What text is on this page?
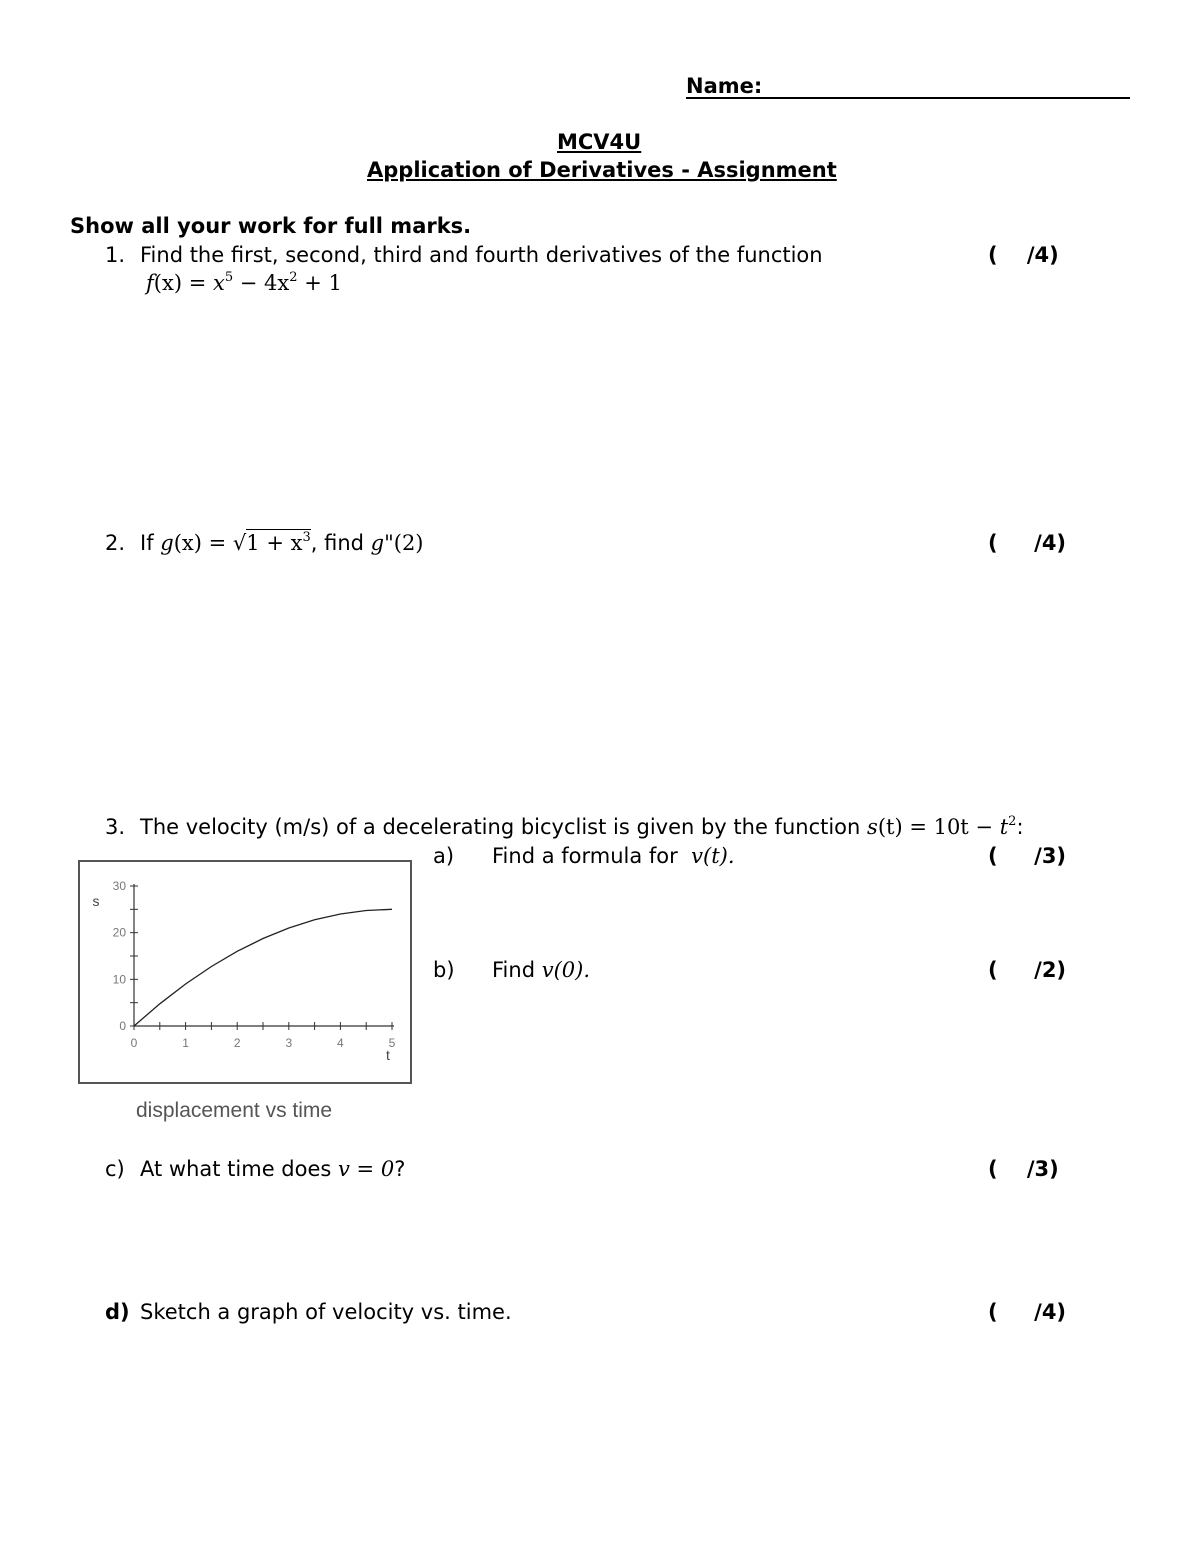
Name:
MCV4U
Application of Derivatives - Assignment
Show all your work for full marks.
1. Find the first, second, third and fourth derivatives of the function	(    /4)
$f(x) = x^5 - 4x^2 + 1$
2. If $g(x) = √1 + x^3$, find g"(2)	(     /4)
3. The velocity (m/s) of a decelerating bicyclist is given by the function $s(t) = 10t - t^2$:
a) Find a formula for v(t).	(     /3)
b) Find v(0).	(     /2)
0	1	2	3	4	5
0
10
20
30
t
s
displacement vs time
c) At what time does v = 0?	(    /3)
d) Sketch a graph of velocity vs. time.	(     /4)
